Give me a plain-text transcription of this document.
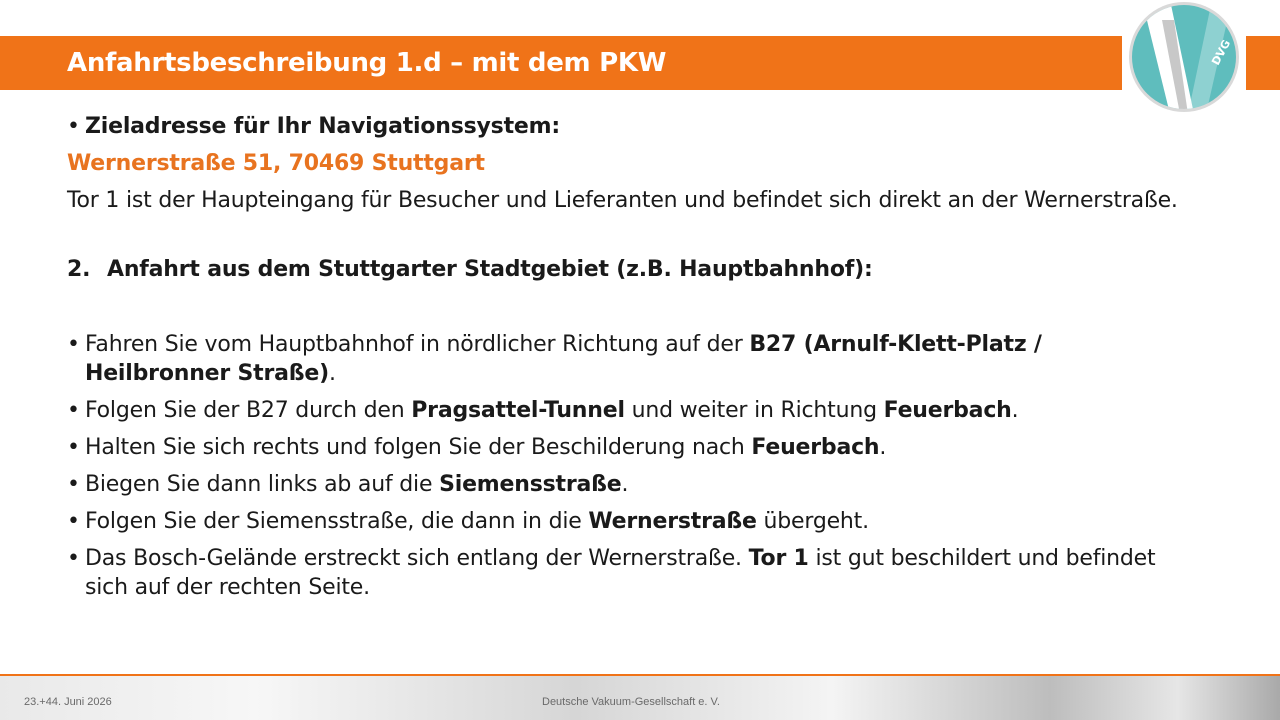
Anfahrtsbeschreibung 1.d – mit dem PKW	DVG
• Zieladresse für Ihr Navigationssystem:
Wernerstraße 51, 70469 Stuttgart
Tor 1 ist der Haupteingang für Besucher und Lieferanten und befindet sich direkt an der Wernerstraße.
2. Anfahrt aus dem Stuttgarter Stadtgebiet (z.B. Hauptbahnhof):
• Fahren Sie vom Hauptbahnhof in nördlicher Richtung auf der B27 (Arnulf-Klett-Platz / Heilbronner Straße).
• Folgen Sie der B27 durch den Pragsattel-Tunnel und weiter in Richtung Feuerbach.
• Halten Sie sich rechts und folgen Sie der Beschilderung nach Feuerbach.
• Biegen Sie dann links ab auf die Siemensstraße.
• Folgen Sie der Siemensstraße, die dann in die Wernerstraße übergeht.
• Das Bosch-Gelände erstreckt sich entlang der Wernerstraße. Tor 1 ist gut beschildert und befindet sich auf der rechten Seite.
23.+44. Juni 2026	Deutsche Vakuum-Gesellschaft e. V.
